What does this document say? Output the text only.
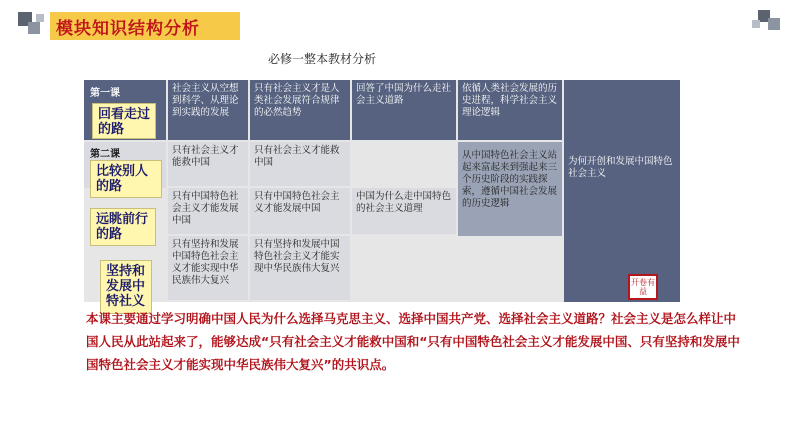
模块知识结构分析
必修一整本教材分析
社会主义从空想到科学、从理论到实践的发展
只有社会主义才是人类社会发展符合规律的必然趋势
回答了中国为什么走社会主义道路
依循人类社会发展的历史进程，科学社会主义理论逻辑
为何开创和发展中国特色社会主义
只有社会主义才能救中国
只有社会主义才能救中国
从中国特色社会主义站起来富起来到强起来三个历史阶段的实践探索，遵循中国社会发展的历史逻辑
只有中国特色社会主义才能发展中国
只有中国特色社会主义才能发展中国
中国为什么走中国特色的社会主义道理
只有坚持和发展中国特色社会主义才能实现中华民族伟大复兴
只有坚持和发展中国特色社会主义才能实现中华民族伟大复兴
第一课
回看走过的路
第二课
比较别人的路
远眺前行的路
坚持和发展中特社义
开 卷 有
益
本课主要通过学习明确中国人民为什么选择马克思主义、选择中国共产党、选择社会主义道路？社会主义是怎么样让中国人民从此站起来了，能够达成“只有社会主义才能救中国和“只有中国特色社会主义才能发展中国、只有坚持和发展中国特色社会主义才能实现中华民族伟大复兴”的共识点。
